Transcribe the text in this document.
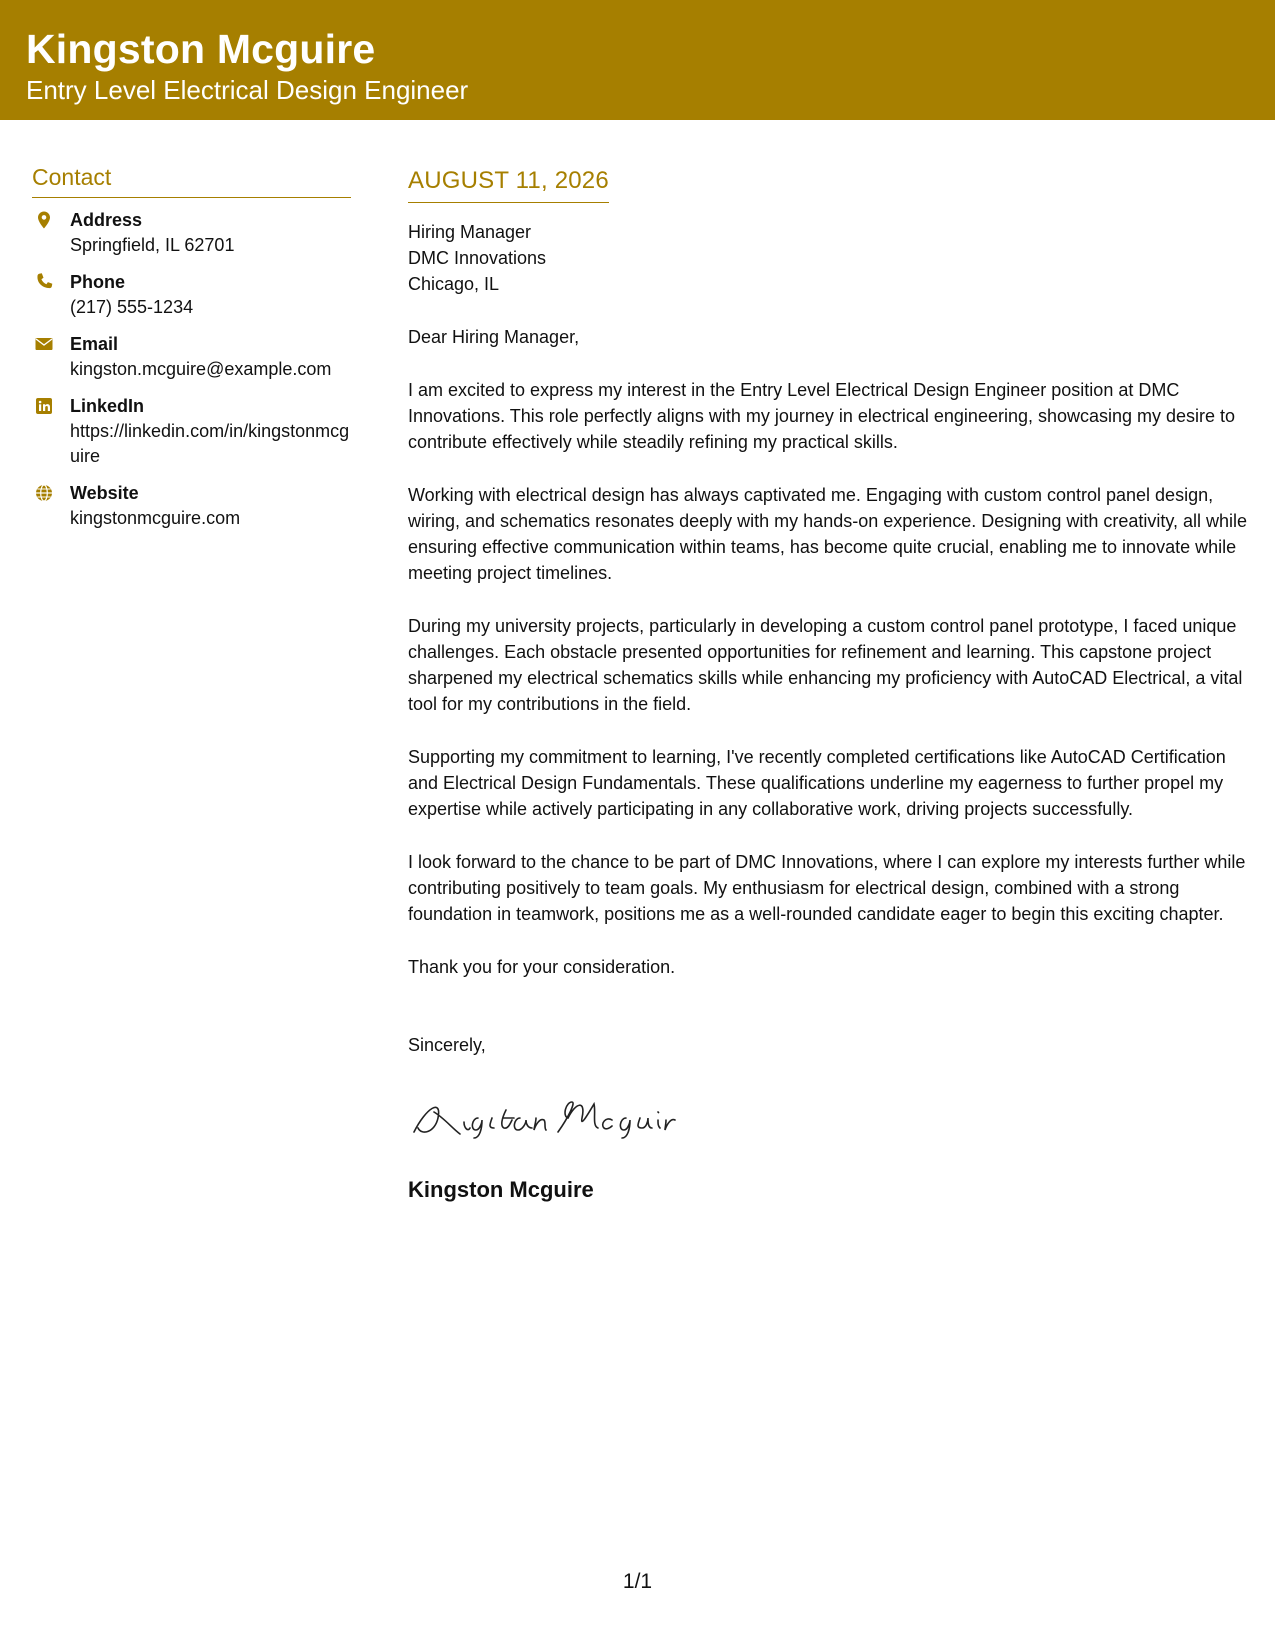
Kingston Mcguire
Entry Level Electrical Design Engineer
Contact
Address
Springfield, IL 62701
Phone
(217) 555-1234
Email
kingston.mcguire@example.com
LinkedIn
https://linkedin.com/in/kingstonmcguire
Website
kingstonmcguire.com
AUGUST 11, 2026
Hiring Manager
DMC Innovations
Chicago, IL
Dear Hiring Manager,
I am excited to express my interest in the Entry Level Electrical Design Engineer position at DMC Innovations. This role perfectly aligns with my journey in electrical engineering, showcasing my desire to contribute effectively while steadily refining my practical skills.
Working with electrical design has always captivated me. Engaging with custom control panel design, wiring, and schematics resonates deeply with my hands-on experience. Designing with creativity, all while ensuring effective communication within teams, has become quite crucial, enabling me to innovate while meeting project timelines.
During my university projects, particularly in developing a custom control panel prototype, I faced unique challenges. Each obstacle presented opportunities for refinement and learning. This capstone project sharpened my electrical schematics skills while enhancing my proficiency with AutoCAD Electrical, a vital tool for my contributions in the field.
Supporting my commitment to learning, I've recently completed certifications like AutoCAD Certification and Electrical Design Fundamentals. These qualifications underline my eagerness to further propel my expertise while actively participating in any collaborative work, driving projects successfully.
I look forward to the chance to be part of DMC Innovations, where I can explore my interests further while contributing positively to team goals. My enthusiasm for electrical design, combined with a strong foundation in teamwork, positions me as a well-rounded candidate eager to begin this exciting chapter.
Thank you for your consideration.
Sincerely,
Kingston Mcguire
1/1
